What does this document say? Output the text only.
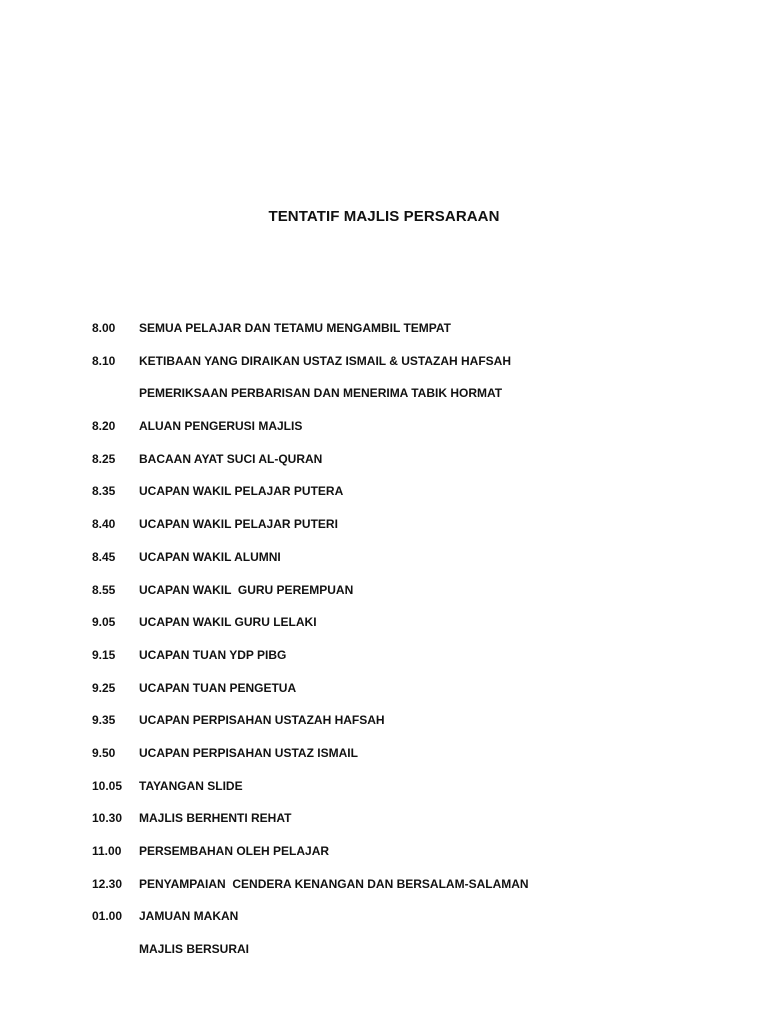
TENTATIF MAJLIS PERSARAAN
8.00 SEMUA PELAJAR DAN TETAMU MENGAMBIL TEMPAT
8.10 KETIBAAN YANG DIRAIKAN USTAZ ISMAIL & USTAZAH HAFSAH
PEMERIKSAAN PERBARISAN DAN MENERIMA TABIK HORMAT
8.20 ALUAN PENGERUSI MAJLIS
8.25 BACAAN AYAT SUCI AL-QURAN
8.35 UCAPAN WAKIL PELAJAR PUTERA
8.40 UCAPAN WAKIL PELAJAR PUTERI
8.45 UCAPAN WAKIL ALUMNI
8.55 UCAPAN WAKIL  GURU PEREMPUAN
9.05 UCAPAN WAKIL GURU LELAKI
9.15 UCAPAN TUAN YDP PIBG
9.25 UCAPAN TUAN PENGETUA
9.35 UCAPAN PERPISAHAN USTAZAH HAFSAH
9.50 UCAPAN PERPISAHAN USTAZ ISMAIL
10.05 TAYANGAN SLIDE
10.30 MAJLIS BERHENTI REHAT
11.00 PERSEMBAHAN OLEH PELAJAR
12.30 PENYAMPAIAN  CENDERA KENANGAN DAN BERSALAM-SALAMAN
01.00 JAMUAN MAKAN
MAJLIS BERSURAI
